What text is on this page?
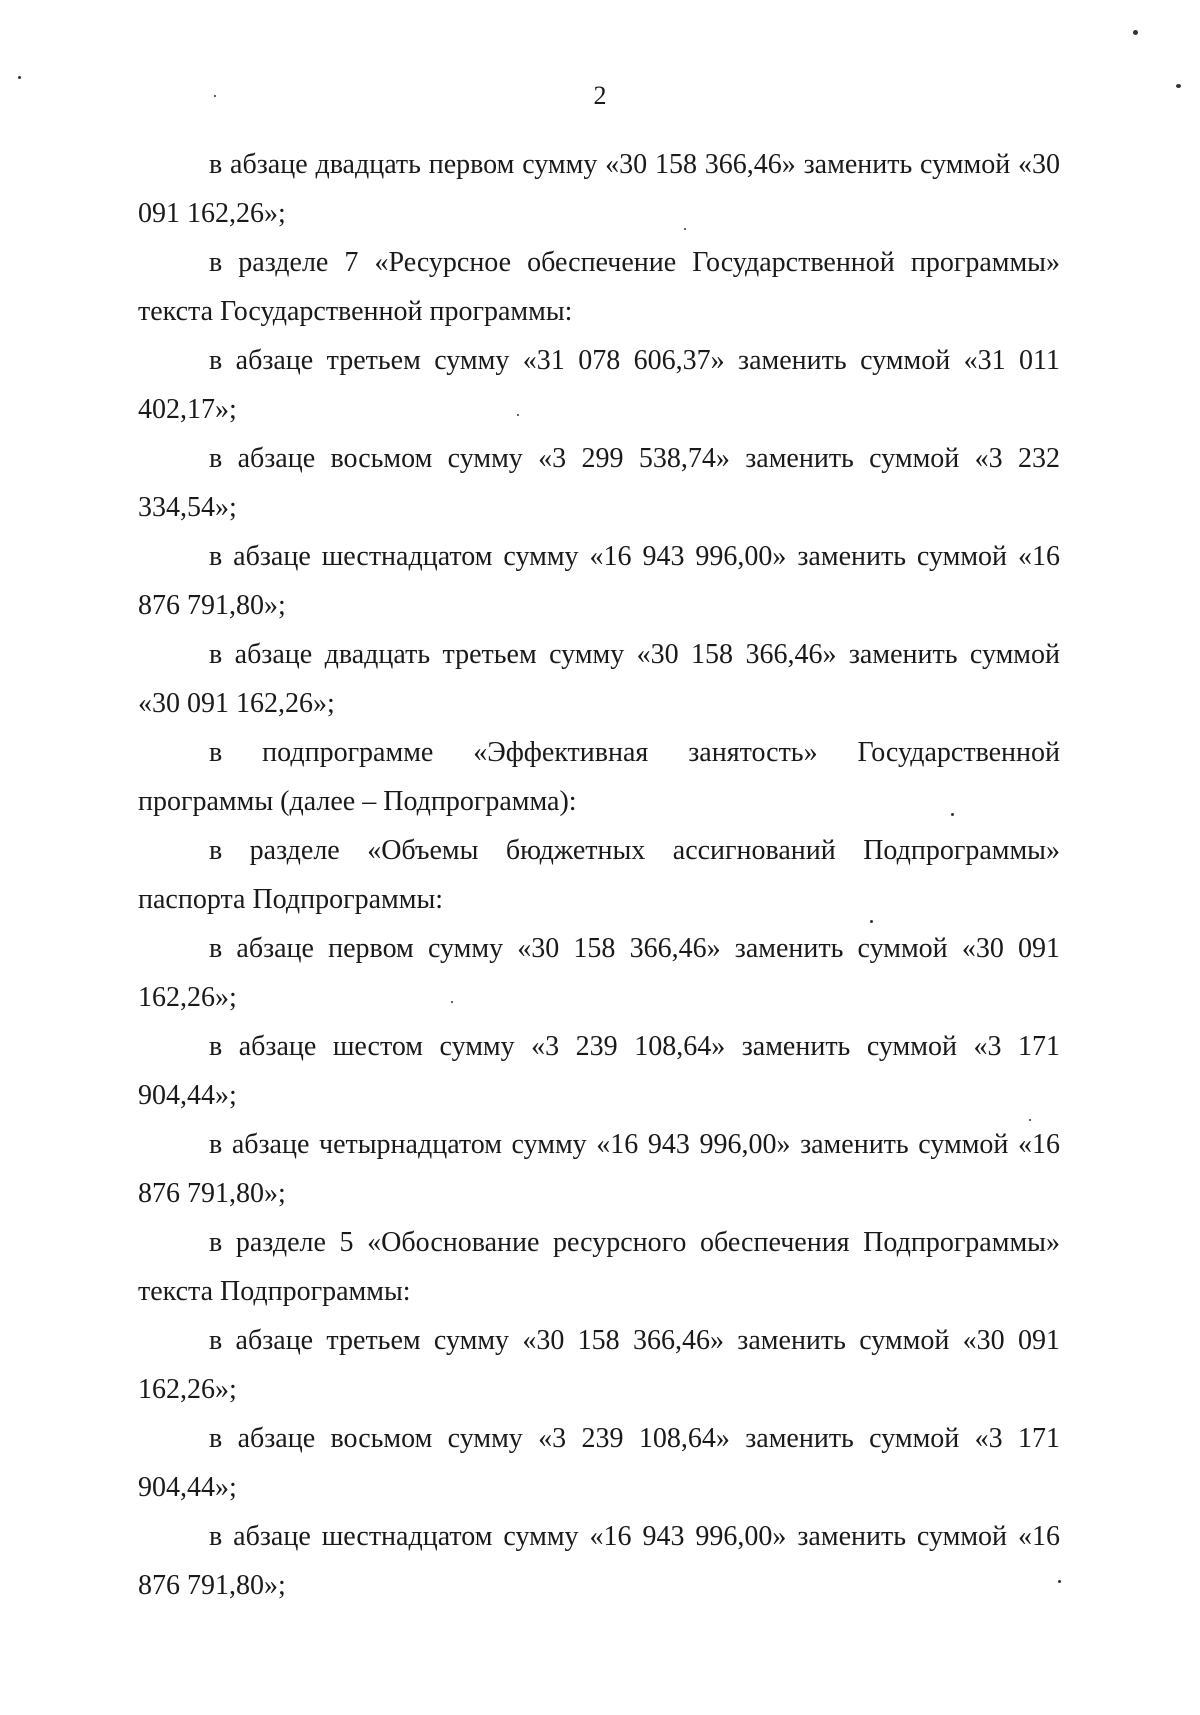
2

в абзаце двадцать первом сумму «30 158 366,46» заменить суммой «30 091 162,26»;

в разделе 7 «Ресурсное обеспечение Государственной программы» текста Государственной программы:

в абзаце третьем сумму «31 078 606,37» заменить суммой «31 011 402,17»;

в абзаце восьмом сумму «3 299 538,74» заменить суммой «3 232 334,54»;

в абзаце шестнадцатом сумму «16 943 996,00» заменить суммой «16 876 791,80»;

в абзаце двадцать третьем сумму «30 158 366,46» заменить суммой «30 091 162,26»;

в подпрограмме «Эффективная занятость» Государственной программы (далее – Подпрограмма):

в разделе «Объемы бюджетных ассигнований Подпрограммы» паспорта Подпрограммы:

в абзаце первом сумму «30 158 366,46» заменить суммой «30 091 162,26»;

в абзаце шестом сумму «3 239 108,64» заменить суммой «3 171 904,44»;

в абзаце четырнадцатом сумму «16 943 996,00» заменить суммой «16 876 791,80»;

в разделе 5 «Обоснование ресурсного обеспечения Подпрограммы» текста Подпрограммы:

в абзаце третьем сумму «30 158 366,46» заменить суммой «30 091 162,26»;

в абзаце восьмом сумму «3 239 108,64» заменить суммой «3 171 904,44»;

в абзаце шестнадцатом сумму «16 943 996,00» заменить суммой «16 876 791,80»;
